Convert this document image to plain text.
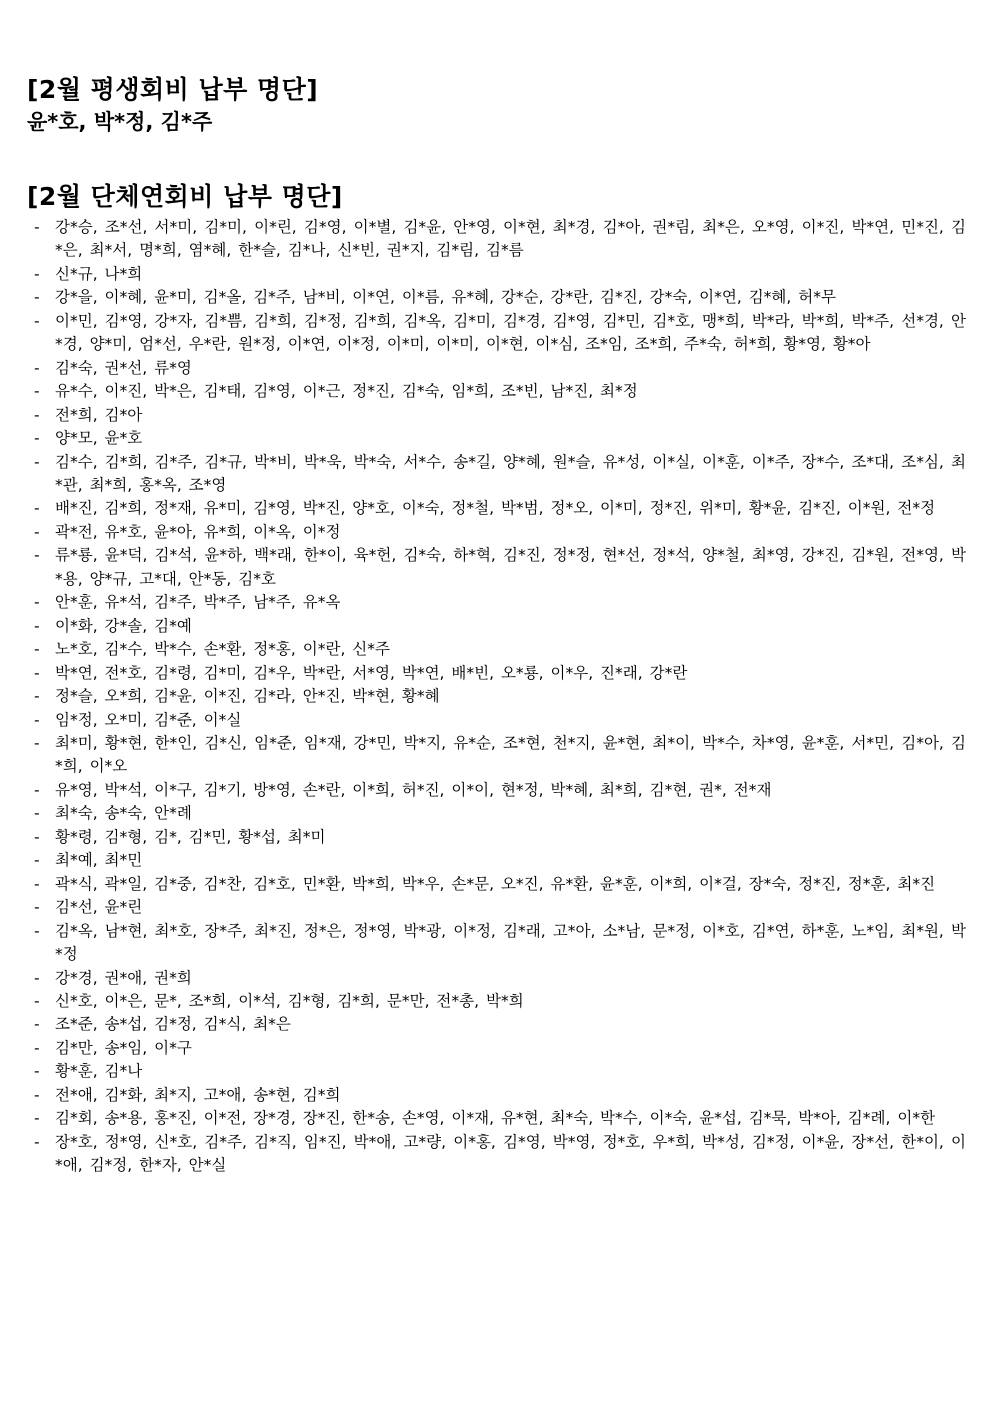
[2월 평생회비 납부 명단]
윤*호, 박*정, 김*주
[2월 단체연회비 납부 명단]
- 강*승, 조*선, 서*미, 김*미, 이*린, 김*영, 이*별, 김*윤, 안*영, 이*현, 최*경, 김*아, 권*림, 최*은, 오*영, 이*진, 박*연, 민*진, 김*은, 최*서, 명*희, 염*혜, 한*슬, 김*나, 신*빈, 권*지, 김*림, 김*름
- 신*규, 나*희
- 강*을, 이*혜, 윤*미, 김*올, 김*주, 남*비, 이*연, 이*름, 유*혜, 강*순, 강*란, 김*진, 강*숙, 이*연, 김*혜, 허*무
- 이*민, 김*영, 강*자, 김*쁨, 김*희, 김*정, 김*희, 김*옥, 김*미, 김*경, 김*영, 김*민, 김*호, 맹*희, 박*라, 박*희, 박*주, 선*경, 안*경, 양*미, 엄*선, 우*란, 원*정, 이*연, 이*정, 이*미, 이*미, 이*현, 이*심, 조*임, 조*희, 주*숙, 허*희, 황*영, 황*아
- 김*숙, 권*선, 류*영
- 유*수, 이*진, 박*은, 김*태, 김*영, 이*근, 정*진, 김*숙, 임*희, 조*빈, 남*진, 최*정
- 전*희, 김*아
- 양*모, 윤*호
- 김*수, 김*희, 김*주, 김*규, 박*비, 박*욱, 박*숙, 서*수, 송*길, 양*혜, 원*슬, 유*성, 이*실, 이*훈, 이*주, 장*수, 조*대, 조*심, 최*관, 최*희, 홍*옥, 조*영
- 배*진, 김*희, 정*재, 유*미, 김*영, 박*진, 양*호, 이*숙, 정*철, 박*범, 정*오, 이*미, 정*진, 위*미, 황*윤, 김*진, 이*원, 전*정
- 곽*전, 유*호, 윤*아, 유*희, 이*옥, 이*정
- 류*룡, 윤*덕, 김*석, 윤*하, 백*래, 한*이, 육*헌, 김*숙, 하*혁, 김*진, 정*정, 현*선, 정*석, 양*철, 최*영, 강*진, 김*원, 전*영, 박*용, 양*규, 고*대, 안*동, 김*호
- 안*훈, 유*석, 김*주, 박*주, 남*주, 유*옥
- 이*화, 강*솔, 김*예
- 노*호, 김*수, 박*수, 손*환, 정*홍, 이*란, 신*주
- 박*연, 전*호, 김*령, 김*미, 김*우, 박*란, 서*영, 박*연, 배*빈, 오*룡, 이*우, 진*래, 강*란
- 정*슬, 오*희, 김*윤, 이*진, 김*라, 안*진, 박*현, 황*혜
- 임*정, 오*미, 김*준, 이*실
- 최*미, 황*현, 한*인, 김*신, 임*준, 임*재, 강*민, 박*지, 유*순, 조*현, 천*지, 윤*현, 최*이, 박*수, 차*영, 윤*훈, 서*민, 김*아, 김*희, 이*오
- 유*영, 박*석, 이*구, 김*기, 방*영, 손*란, 이*희, 허*진, 이*이, 현*정, 박*혜, 최*희, 김*현, 권*, 전*재
- 최*숙, 송*숙, 안*례
- 황*령, 김*형, 김*, 김*민, 황*섭, 최*미
- 최*예, 최*민
- 곽*식, 곽*일, 김*중, 김*찬, 김*호, 민*환, 박*희, 박*우, 손*문, 오*진, 유*환, 윤*훈, 이*희, 이*걸, 장*숙, 정*진, 정*훈, 최*진
- 김*선, 윤*린
- 김*옥, 남*현, 최*호, 장*주, 최*진, 정*은, 정*영, 박*광, 이*정, 김*래, 고*아, 소*남, 문*정, 이*호, 김*연, 하*훈, 노*임, 최*원, 박*정
- 강*경, 권*애, 권*희
- 신*호, 이*은, 문*, 조*희, 이*석, 김*형, 김*희, 문*만, 전*총, 박*희
- 조*준, 송*섭, 김*정, 김*식, 최*은
- 김*만, 송*임, 이*구
- 황*훈, 김*나
- 전*애, 김*화, 최*지, 고*애, 송*현, 김*희
- 김*회, 송*용, 홍*진, 이*전, 장*경, 장*진, 한*송, 손*영, 이*재, 유*현, 최*숙, 박*수, 이*숙, 윤*섭, 김*묵, 박*아, 김*례, 이*한
- 장*호, 정*영, 신*호, 김*주, 김*직, 임*진, 박*애, 고*량, 이*홍, 김*영, 박*영, 정*호, 우*희, 박*성, 김*정, 이*윤, 장*선, 한*이, 이*애, 김*정, 한*자, 안*실
